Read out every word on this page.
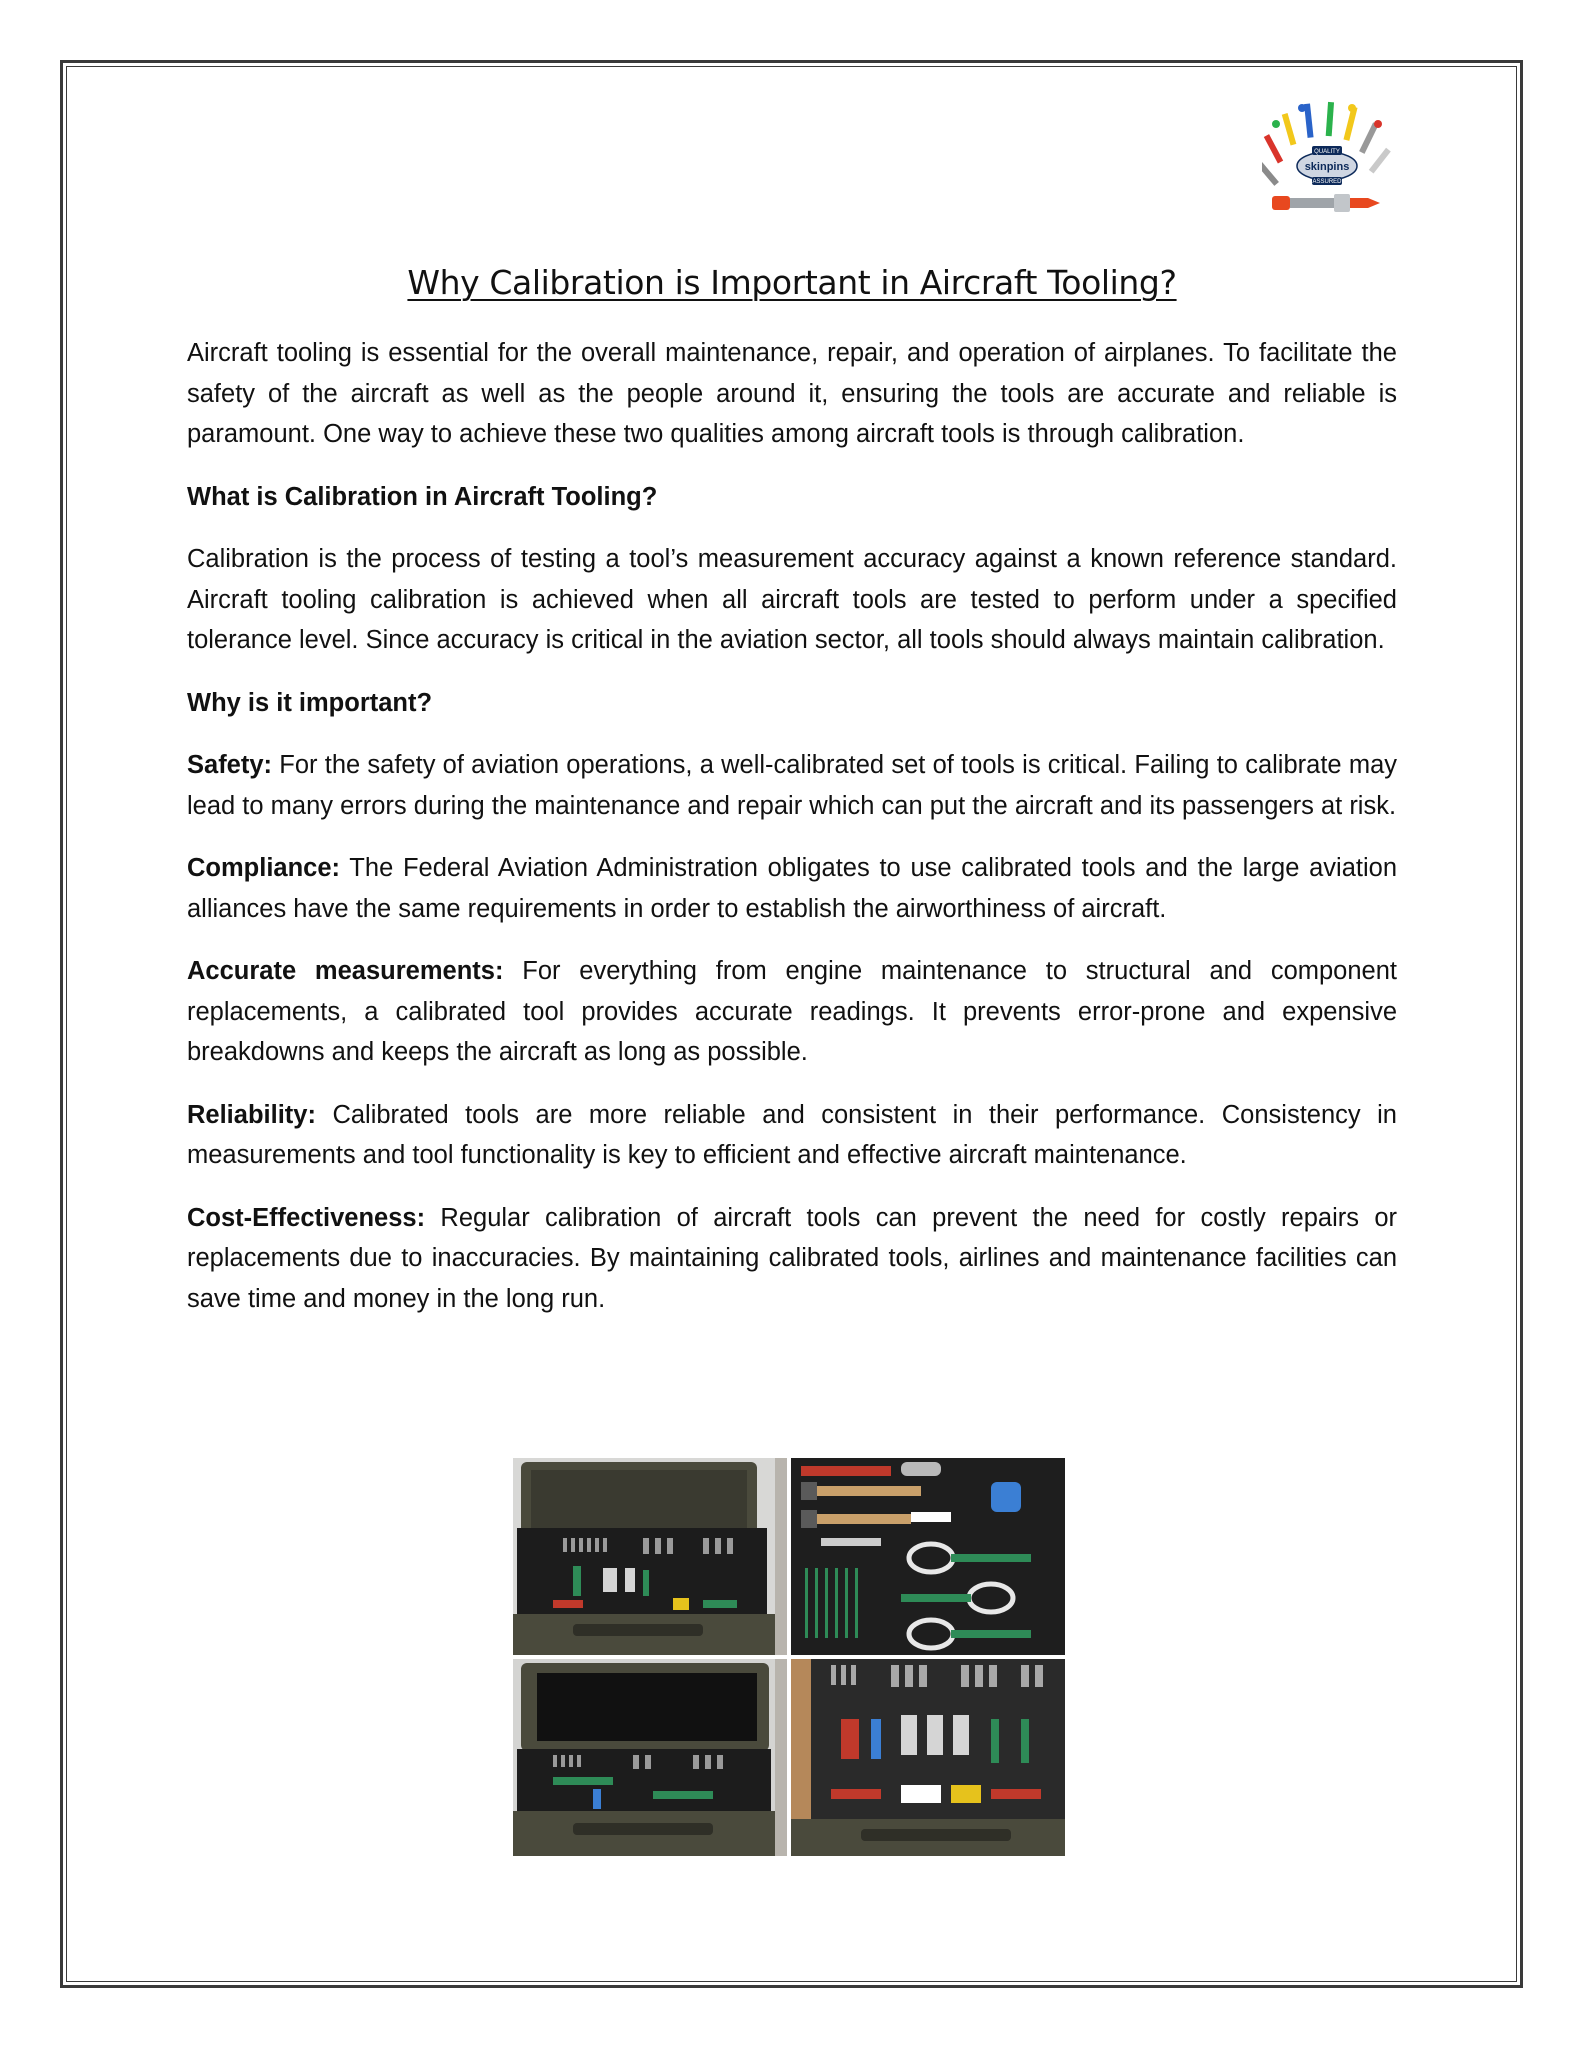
QUALITY
skinpins
ASSURED
Why Calibration is Important in Aircraft Tooling?

Aircraft tooling is essential for the overall maintenance, repair, and operation of airplanes. To facilitate the safety of the aircraft as well as the people around it, ensuring the tools are accurate and reliable is paramount. One way to achieve these two qualities among aircraft tools is through calibration.

What is Calibration in Aircraft Tooling?

Calibration is the process of testing a tool’s measurement accuracy against a known reference standard. Aircraft tooling calibration is achieved when all aircraft tools are tested to perform under a specified tolerance level. Since accuracy is critical in the aviation sector, all tools should always maintain calibration.

Why is it important?

Safety: For the safety of aviation operations, a well-calibrated set of tools is critical. Failing to calibrate may lead to many errors during the maintenance and repair which can put the aircraft and its passengers at risk.

Compliance: The Federal Aviation Administration obligates to use calibrated tools and the large aviation alliances have the same requirements in order to establish the airworthiness of aircraft.

Accurate measurements: For everything from engine maintenance to structural and component replacements, a calibrated tool provides accurate readings. It prevents error-prone and expensive breakdowns and keeps the aircraft as long as possible.

Reliability: Calibrated tools are more reliable and consistent in their performance. Consistency in measurements and tool functionality is key to efficient and effective aircraft maintenance.

Cost-Effectiveness: Regular calibration of aircraft tools can prevent the need for costly repairs or replacements due to inaccuracies. By maintaining calibrated tools, airlines and maintenance facilities can save time and money in the long run.
